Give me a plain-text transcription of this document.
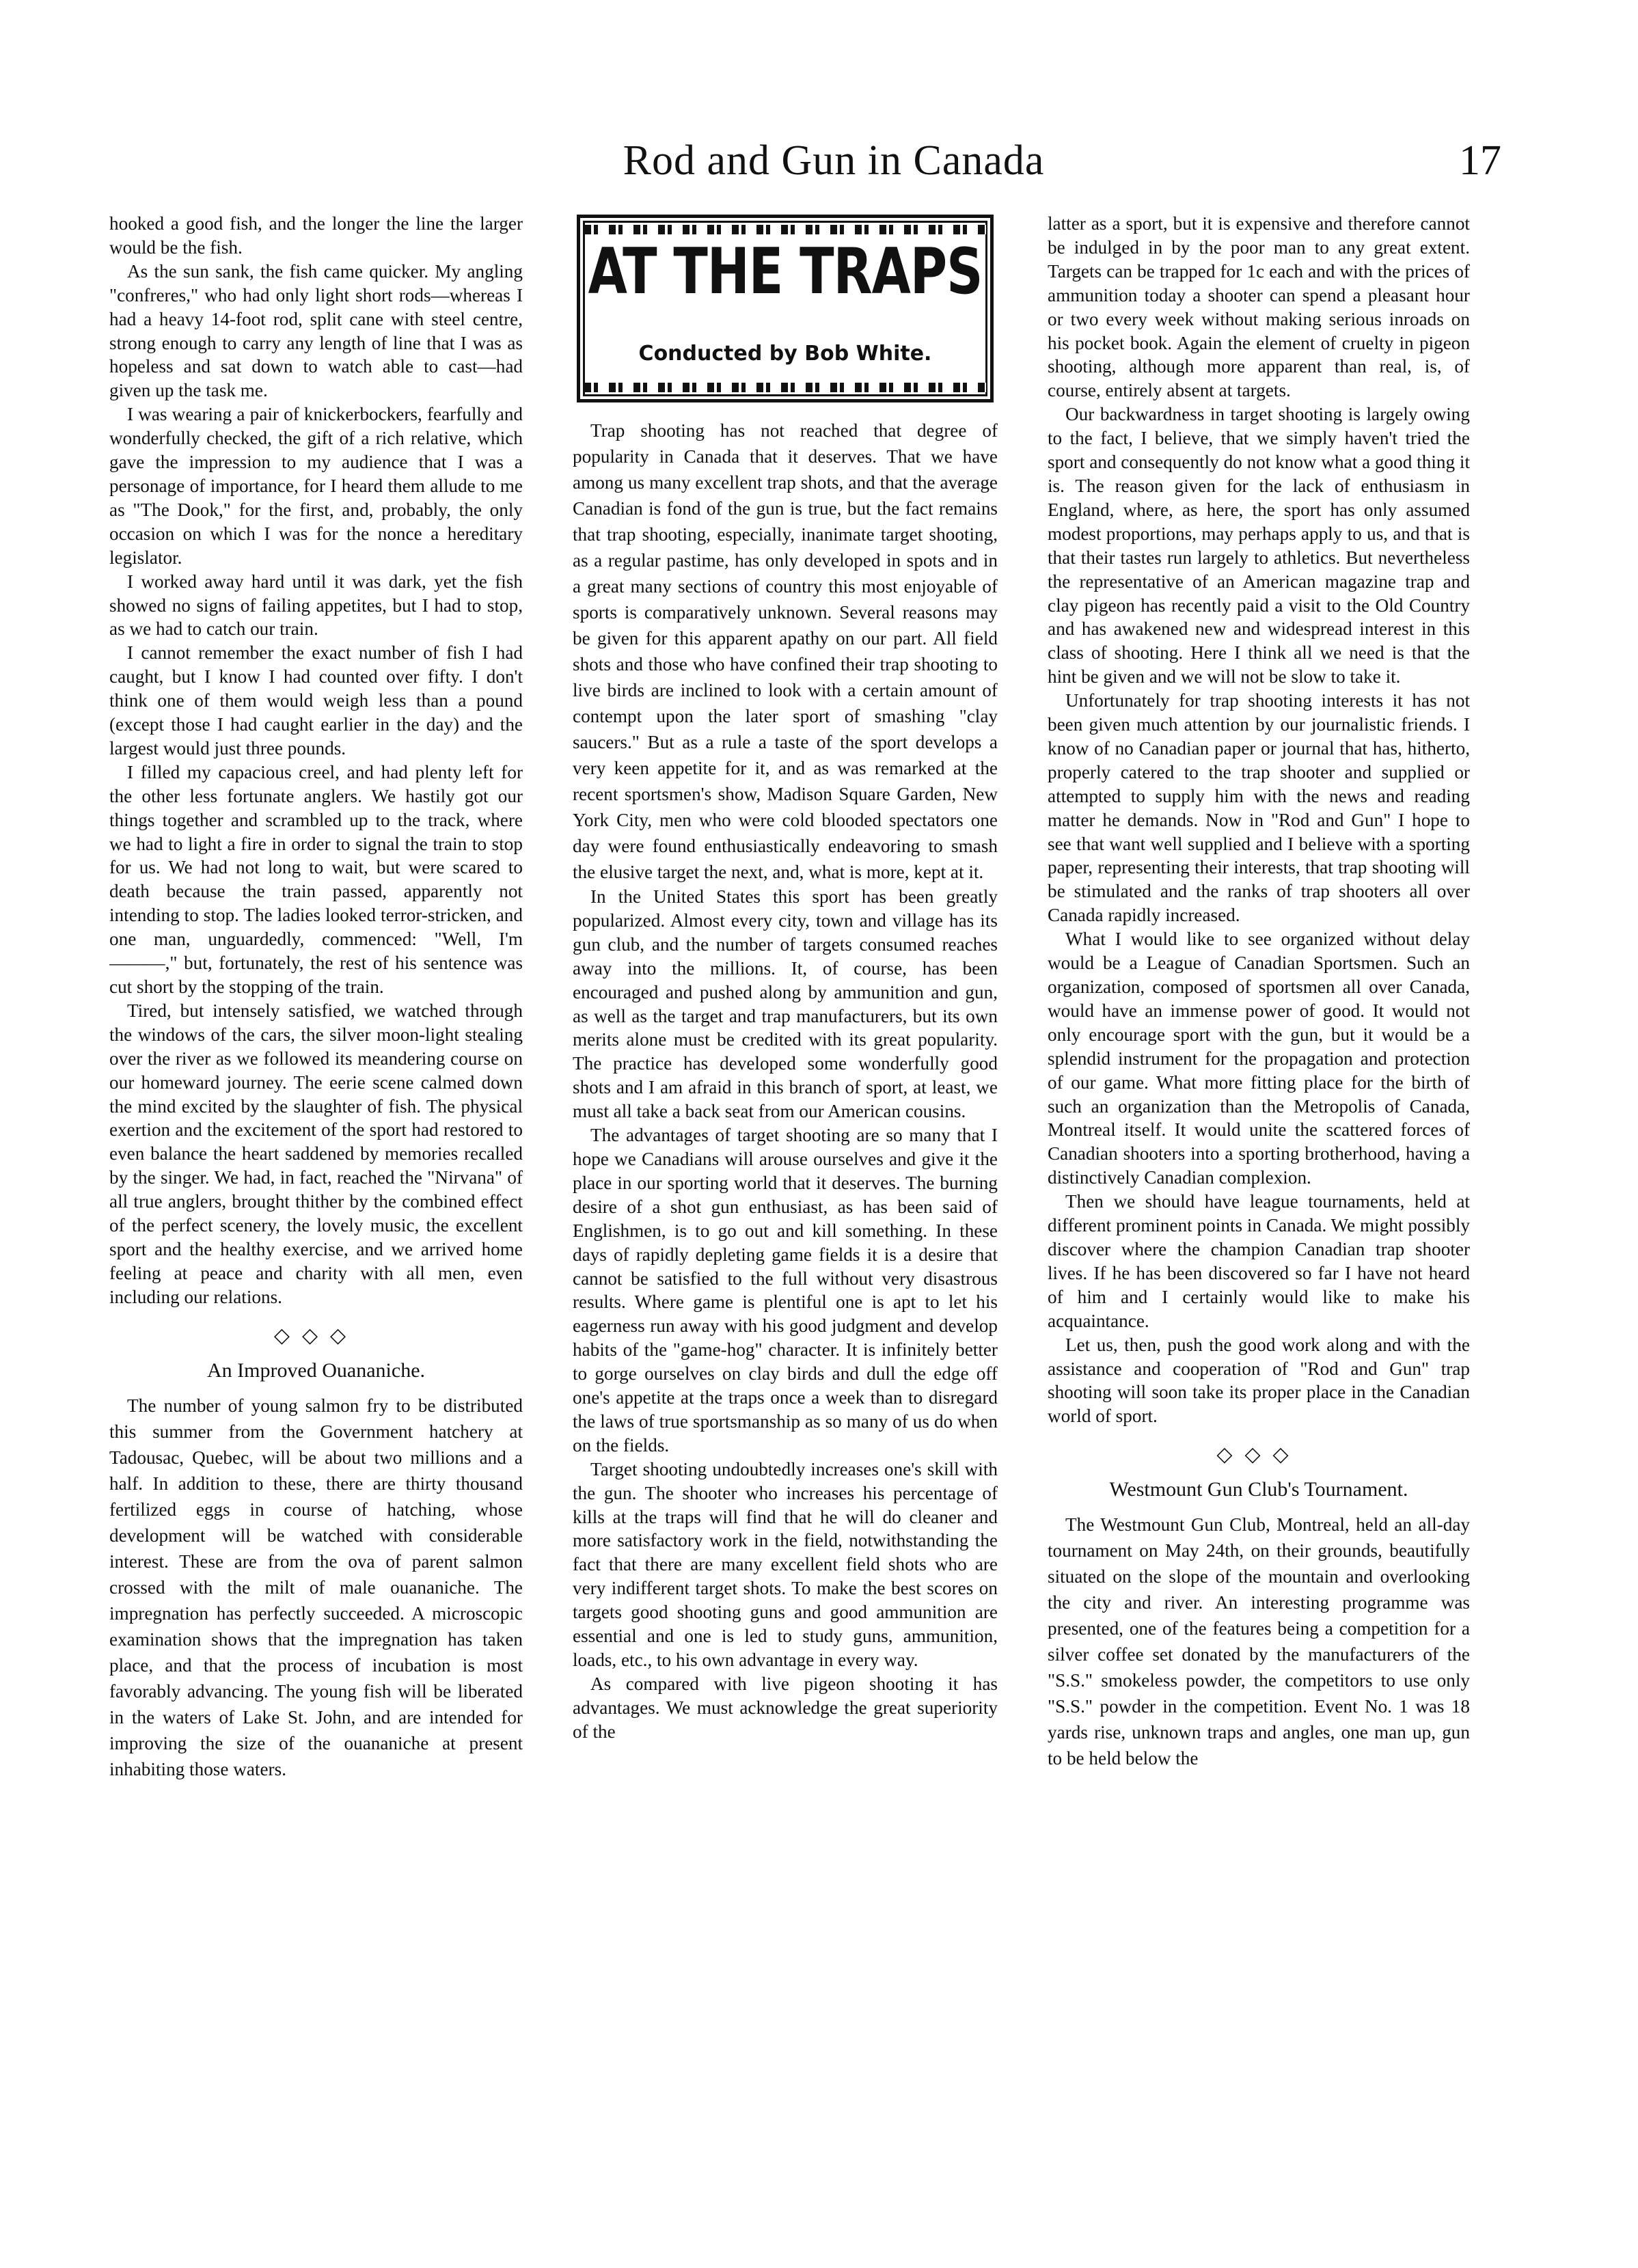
Rod and Gun in Canada	17

hooked a good fish, and the longer the line the larger would be the fish.

As the sun sank, the fish came quicker. My angling "confreres," who had only light short rods—whereas I had a heavy 14-foot rod, split cane with steel centre, strong enough to carry any length of line that I was as hopeless and sat down to watch able to cast—had given up the task me.

I was wearing a pair of knickerbockers, fearfully and wonderfully checked, the gift of a rich relative, which gave the impression to my audience that I was a personage of importance, for I heard them allude to me as "The Dook," for the first, and, probably, the only occasion on which I was for the nonce a hereditary legislator.

I worked away hard until it was dark, yet the fish showed no signs of failing appetites, but I had to stop, as we had to catch our train.

I cannot remember the exact number of fish I had caught, but I know I had counted over fifty. I don't think one of them would weigh less than a pound (except those I had caught earlier in the day) and the largest would just three pounds.

I filled my capacious creel, and had plenty left for the other less fortunate anglers. We hastily got our things together and scrambled up to the track, where we had to light a fire in order to signal the train to stop for us. We had not long to wait, but were scared to death because the train passed, apparently not intending to stop. The ladies looked terror-stricken, and one man, unguardedly, commenced: "Well, I'm ———," but, fortunately, the rest of his sentence was cut short by the stopping of the train.

Tired, but intensely satisfied, we watched through the windows of the cars, the silver moon-light stealing over the river as we followed its meandering course on our homeward journey. The eerie scene calmed down the mind excited by the slaughter of fish. The physical exertion and the excitement of the sport had restored to even balance the heart saddened by memories recalled by the singer. We had, in fact, reached the "Nirvana" of all true anglers, brought thither by the combined effect of the perfect scenery, the lovely music, the excellent sport and the healthy exercise, and we arrived home feeling at peace and charity with all men, even including our relations.

◇◇◇
An Improved Ouananiche.

The number of young salmon fry to be distributed this summer from the Government hatchery at Tadousac, Quebec, will be about two millions and a half. In addition to these, there are thirty thousand fertilized eggs in course of hatching, whose development will be watched with considerable interest. These are from the ova of parent salmon crossed with the milt of male ouananiche. The impregnation has perfectly succeeded. A microscopic examination shows that the impregnation has taken place, and that the process of incubation is most favorably advancing. The young fish will be liberated in the waters of Lake St. John, and are intended for improving the size of the ouananiche at present inhabiting those waters.

AT THE TRAPS
Conducted by Bob White.

Trap shooting has not reached that degree of popularity in Canada that it deserves. That we have among us many excellent trap shots, and that the average Canadian is fond of the gun is true, but the fact remains that trap shooting, especially, inanimate target shooting, as a regular pastime, has only developed in spots and in a great many sections of country this most enjoyable of sports is comparatively unknown. Several reasons may be given for this apparent apathy on our part. All field shots and those who have confined their trap shooting to live birds are inclined to look with a certain amount of contempt upon the later sport of smashing "clay saucers." But as a rule a taste of the sport develops a very keen appetite for it, and as was remarked at the recent sportsmen's show, Madison Square Garden, New York City, men who were cold blooded spectators one day were found enthusiastically endeavoring to smash the elusive target the next, and, what is more, kept at it.

In the United States this sport has been greatly popularized. Almost every city, town and village has its gun club, and the number of targets consumed reaches away into the millions. It, of course, has been encouraged and pushed along by ammunition and gun, as well as the target and trap manufacturers, but its own merits alone must be credited with its great popularity. The practice has developed some wonderfully good shots and I am afraid in this branch of sport, at least, we must all take a back seat from our American cousins.

The advantages of target shooting are so many that I hope we Canadians will arouse ourselves and give it the place in our sporting world that it deserves. The burning desire of a shot gun enthusiast, as has been said of Englishmen, is to go out and kill something. In these days of rapidly depleting game fields it is a desire that cannot be satisfied to the full without very disastrous results. Where game is plentiful one is apt to let his eagerness run away with his good judgment and develop habits of the "game-hog" character. It is infinitely better to gorge ourselves on clay birds and dull the edge off one's appetite at the traps once a week than to disregard the laws of true sportsmanship as so many of us do when on the fields.

Target shooting undoubtedly increases one's skill with the gun. The shooter who increases his percentage of kills at the traps will find that he will do cleaner and more satisfactory work in the field, notwithstanding the fact that there are many excellent field shots who are very indifferent target shots. To make the best scores on targets good shooting guns and good ammunition are essential and one is led to study guns, ammunition, loads, etc., to his own advantage in every way.

As compared with live pigeon shooting it has advantages. We must acknowledge the great superiority of the

latter as a sport, but it is expensive and therefore cannot be indulged in by the poor man to any great extent. Targets can be trapped for 1c each and with the prices of ammunition today a shooter can spend a pleasant hour or two every week without making serious inroads on his pocket book. Again the element of cruelty in pigeon shooting, although more apparent than real, is, of course, entirely absent at targets.

Our backwardness in target shooting is largely owing to the fact, I believe, that we simply haven't tried the sport and consequently do not know what a good thing it is. The reason given for the lack of enthusiasm in England, where, as here, the sport has only assumed modest proportions, may perhaps apply to us, and that is that their tastes run largely to athletics. But nevertheless the representative of an American magazine trap and clay pigeon has recently paid a visit to the Old Country and has awakened new and widespread interest in this class of shooting. Here I think all we need is that the hint be given and we will not be slow to take it.

Unfortunately for trap shooting interests it has not been given much attention by our journalistic friends. I know of no Canadian paper or journal that has, hitherto, properly catered to the trap shooter and supplied or attempted to supply him with the news and reading matter he demands. Now in "Rod and Gun" I hope to see that want well supplied and I believe with a sporting paper, representing their interests, that trap shooting will be stimulated and the ranks of trap shooters all over Canada rapidly increased.

What I would like to see organized without delay would be a League of Canadian Sportsmen. Such an organization, composed of sportsmen all over Canada, would have an immense power of good. It would not only encourage sport with the gun, but it would be a splendid instrument for the propagation and protection of our game. What more fitting place for the birth of such an organization than the Metropolis of Canada, Montreal itself. It would unite the scattered forces of Canadian shooters into a sporting brotherhood, having a distinctively Canadian complexion.

Then we should have league tournaments, held at different prominent points in Canada. We might possibly discover where the champion Canadian trap shooter lives. If he has been discovered so far I have not heard of him and I certainly would like to make his acquaintance.

Let us, then, push the good work along and with the assistance and cooperation of "Rod and Gun" trap shooting will soon take its proper place in the Canadian world of sport.

◇◇◇
Westmount Gun Club's Tournament.

The Westmount Gun Club, Montreal, held an all-day tournament on May 24th, on their grounds, beautifully situated on the slope of the mountain and overlooking the city and river. An interesting programme was presented, one of the features being a competition for a silver coffee set donated by the manufacturers of the "S.S." smokeless powder, the competitors to use only "S.S." powder in the competition. Event No. 1 was 18 yards rise, unknown traps and angles, one man up, gun to be held below the
